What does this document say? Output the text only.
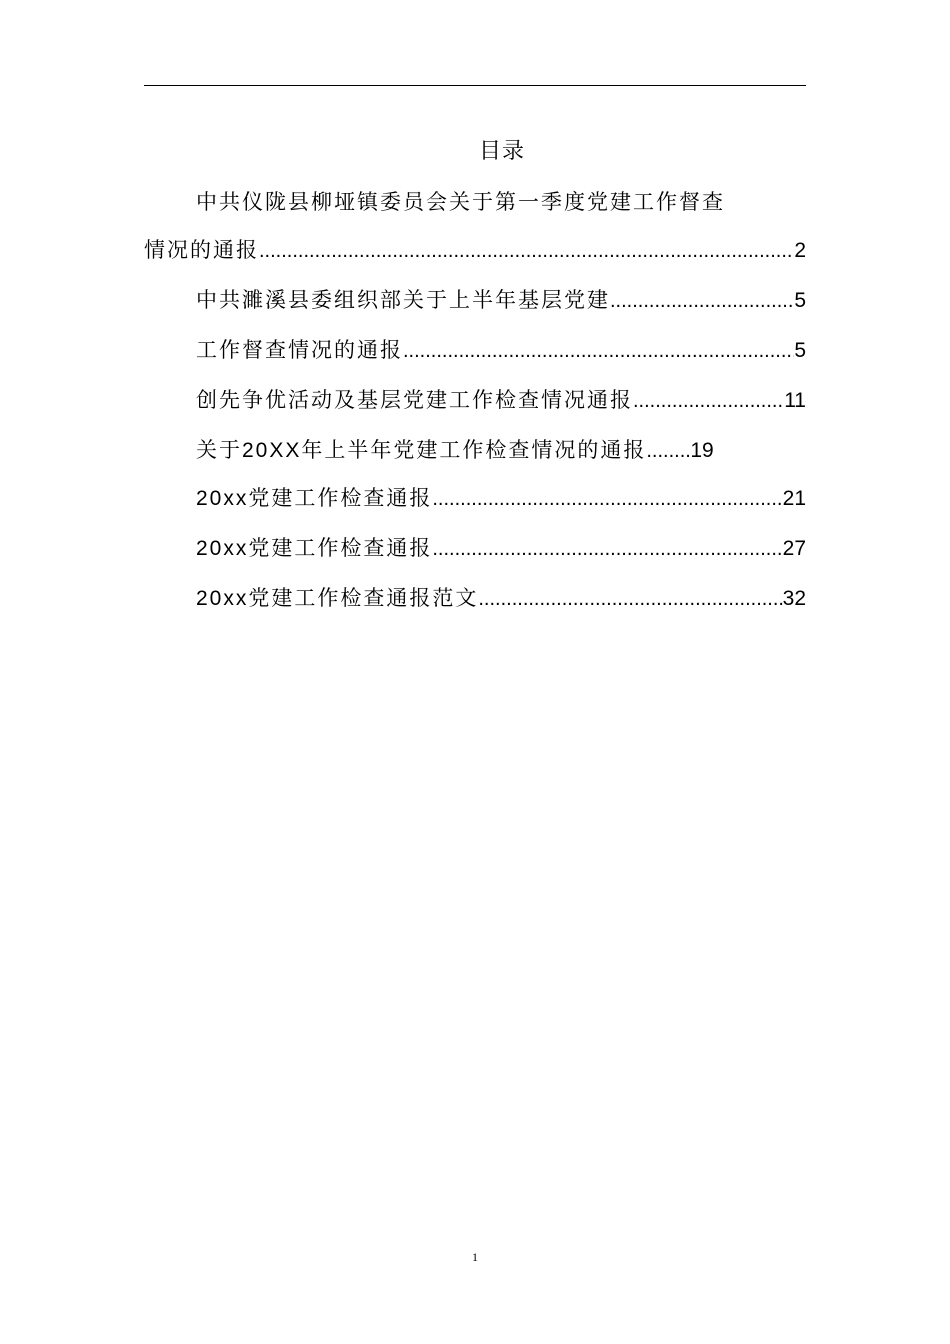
目录
中共仪陇县柳垭镇委员会关于第一季度党建工作督查
情况的通报 .....	2
中共濉溪县委组织部关于上半年基层党建 .....	5
工作督查情况的通报 .....	5
创先争优活动及基层党建工作检查情况通报 .....	11
关于20XX年上半年党建工作检查情况的通报 ..... 19
20xx党建工作检查通报 .....	21
20xx党建工作检查通报 .....	27
20xx党建工作检查通报范文 .....	32
1
